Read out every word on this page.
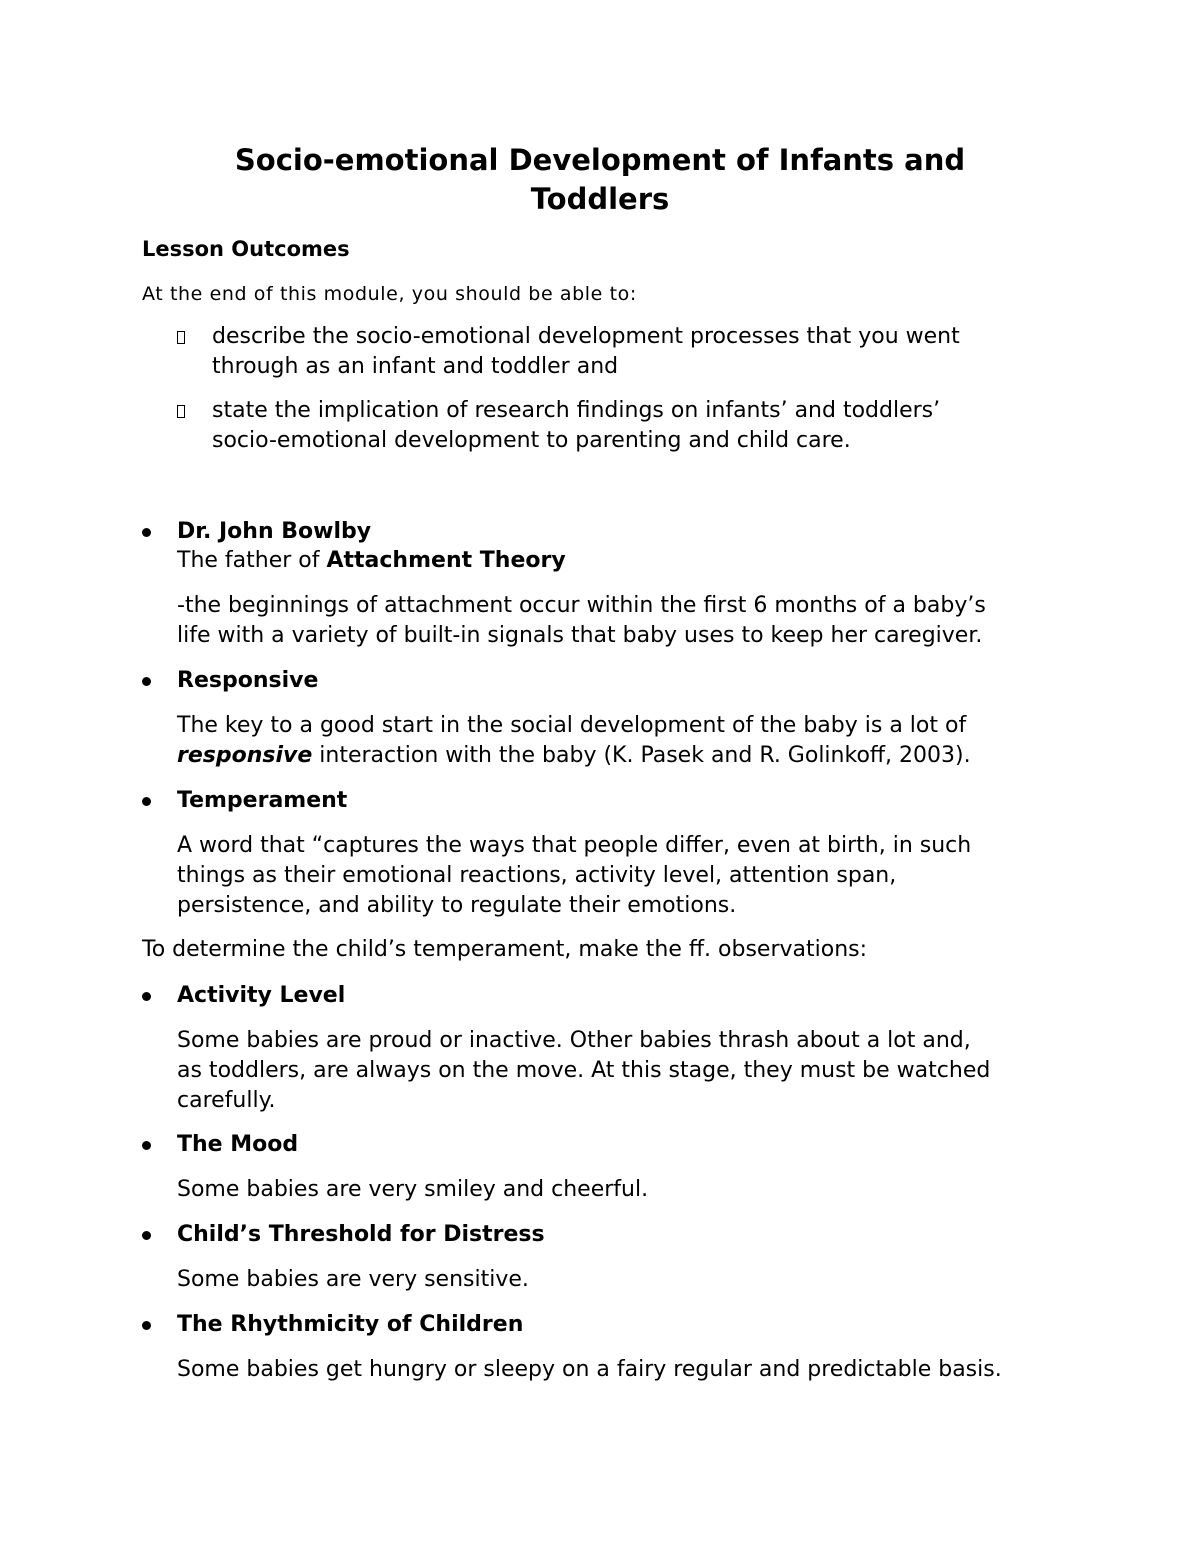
Socio-emotional Development of Infants and
Toddlers
Lesson Outcomes
At the end of this module, you should be able to:
describe the socio-emotional development processes that you went
through as an infant and toddler and
state the implication of research findings on infants’ and toddlers’
socio-emotional development to parenting and child care.
Dr. John Bowlby
The father of Attachment Theory
-the beginnings of attachment occur within the first 6 months of a baby’s
life with a variety of built-in signals that baby uses to keep her caregiver.
Responsive
The key to a good start in the social development of the baby is a lot of
responsive interaction with the baby (K. Pasek and R. Golinkoff, 2003).
Temperament
A word that “captures the ways that people differ, even at birth, in such
things as their emotional reactions, activity level, attention span,
persistence, and ability to regulate their emotions.
To determine the child’s temperament, make the ff. observations:
Activity Level
Some babies are proud or inactive. Other babies thrash about a lot and,
as toddlers, are always on the move. At this stage, they must be watched
carefully.
The Mood
Some babies are very smiley and cheerful.
Child’s Threshold for Distress
Some babies are very sensitive.
The Rhythmicity of Children
Some babies get hungry or sleepy on a fairy regular and predictable basis.
